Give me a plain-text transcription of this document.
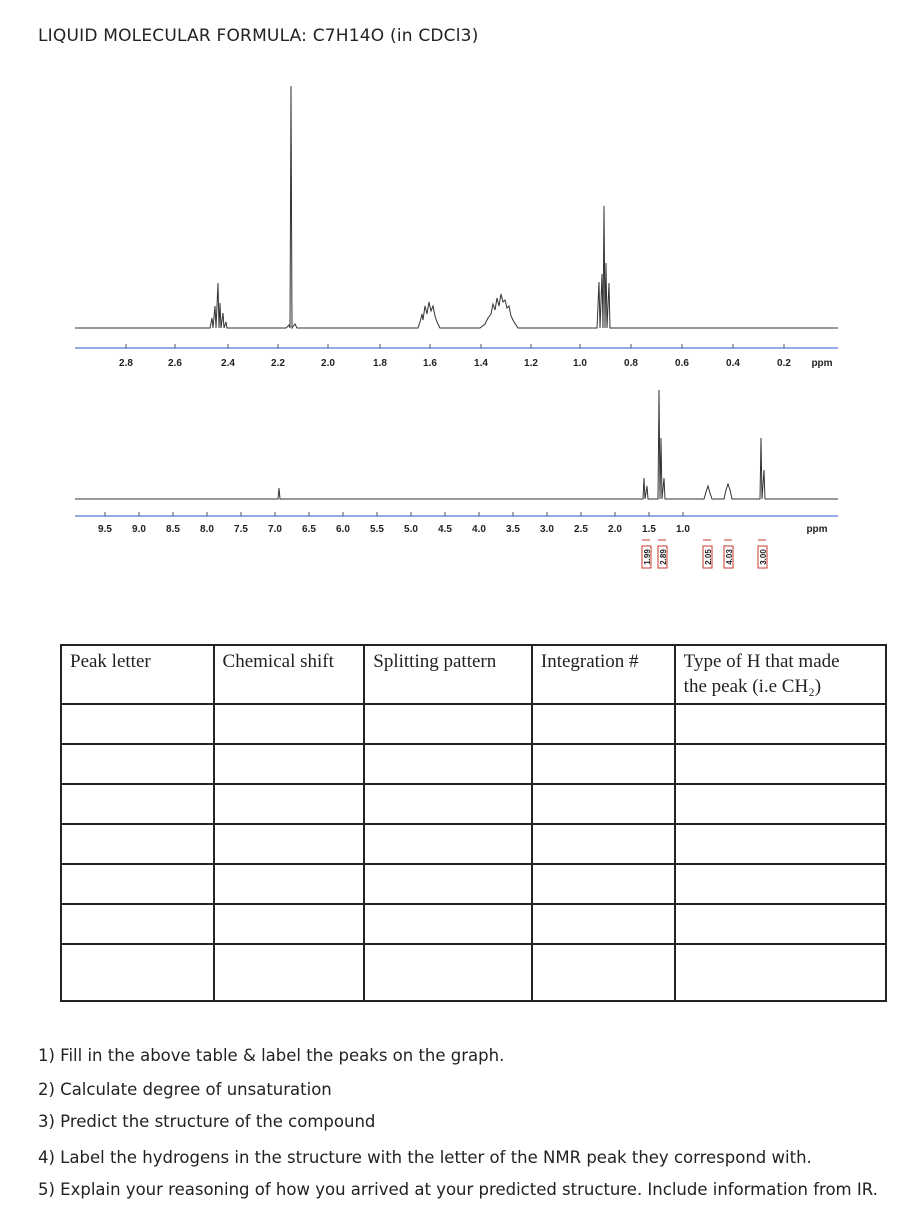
LIQUID MOLECULAR FORMULA: C7H14O (in CDCl3)
2.8	2.6	2.4	2.2	2.0	1.8	1.6	1.4	1.2	1.0	0.8	0.6	0.4	0.2 ppm
9.5 9.0 8.5 8.0 7.5 7.0 6.5 6.0 5.5 5.0 4.5 4.0 3.5 3.0 2.5 2.0 1.5 1.0	ppm
1.99 2.89	2.05 4.03	3.00
Peak letter	Chemical shift	Splitting pattern	Integration #	Type of H that made
the peak (i.e CH₂)

1) Fill in the above table & label the peaks on the graph.
2) Calculate degree of unsaturation
3) Predict the structure of the compound
4) Label the hydrogens in the structure with the letter of the NMR peak they correspond with.
5) Explain your reasoning of how you arrived at your predicted structure. Include information from IR.
